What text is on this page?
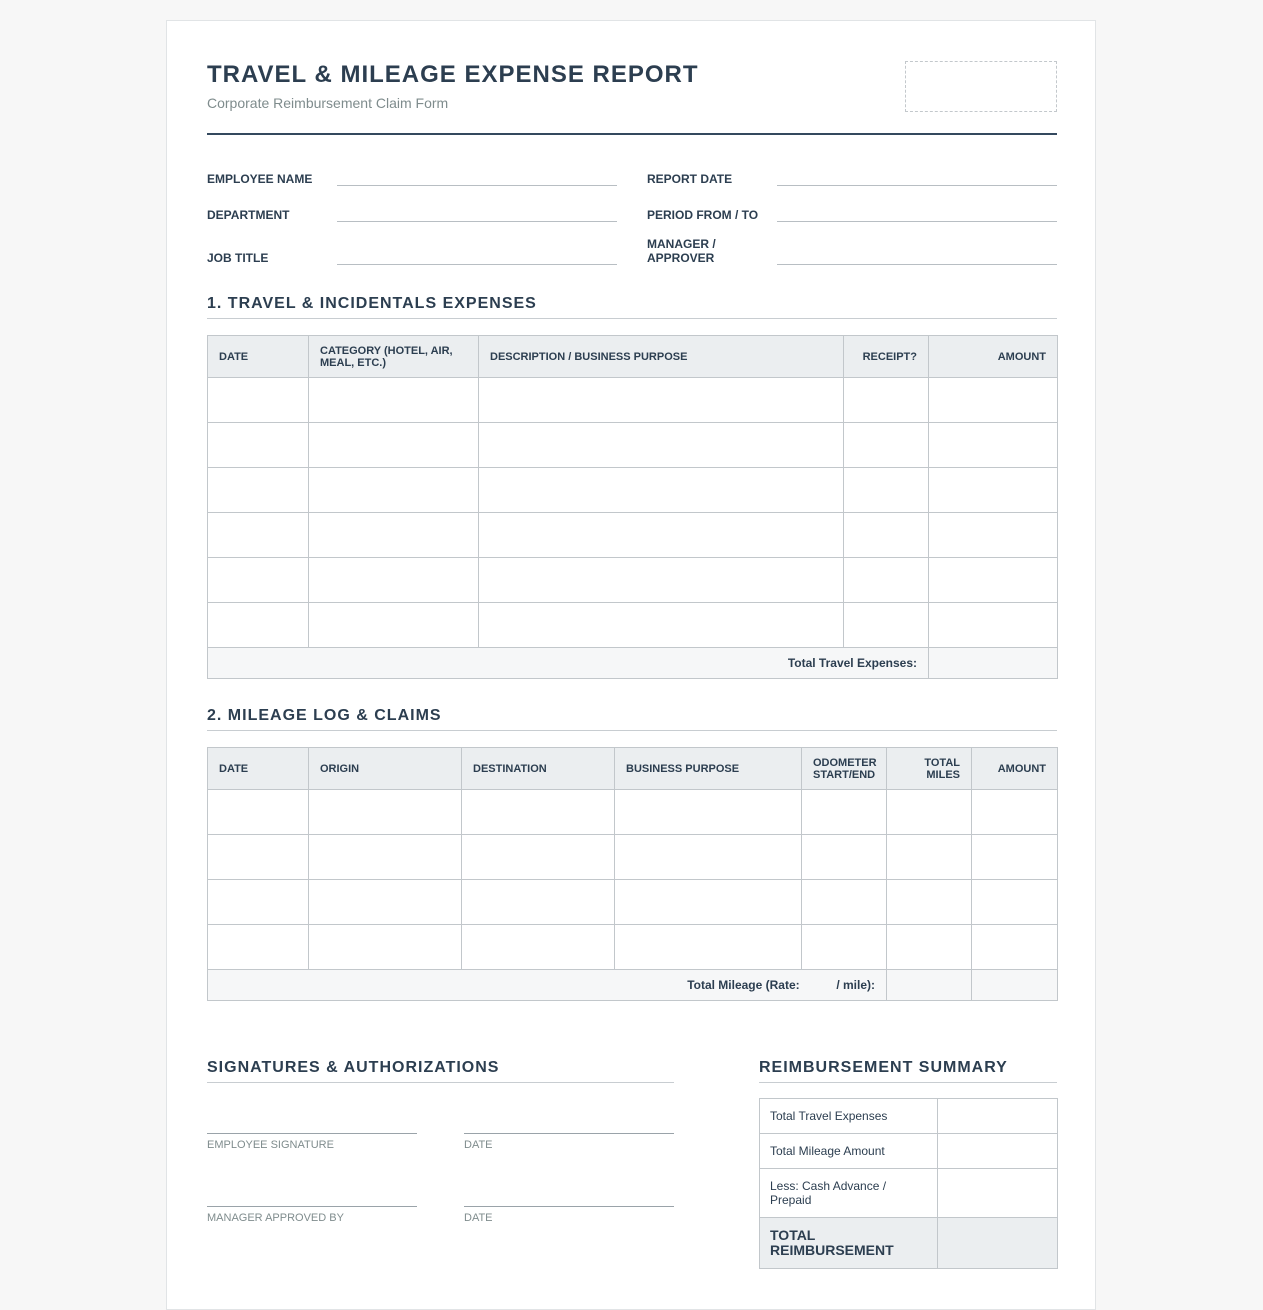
TRAVEL & MILEAGE EXPENSE REPORT
Corporate Reimbursement Claim Form
EMPLOYEE NAME
DEPARTMENT
JOB TITLE
REPORT DATE
PERIOD FROM / TO
MANAGER / APPROVER
1. TRAVEL & INCIDENTALS EXPENSES
DATE	CATEGORY (HOTEL, AIR, MEAL, ETC.)	DESCRIPTION / BUSINESS PURPOSE	RECEIPT?	AMOUNT

Total Travel Expenses:				
2. MILEAGE LOG & CLAIMS
DATE	ORIGIN	DESTINATION	BUSINESS PURPOSE	ODOMETER START/END	TOTAL MILES	AMOUNT

Total Mileage (Rate:           / mile):						
SIGNATURES & AUTHORIZATIONS
EMPLOYEE SIGNATURE	DATE
MANAGER APPROVED BY	DATE
REIMBURSEMENT SUMMARY
Total Travel Expenses	
Total Mileage Amount	
Less: Cash Advance / Prepaid	
TOTAL REIMBURSEMENT	
